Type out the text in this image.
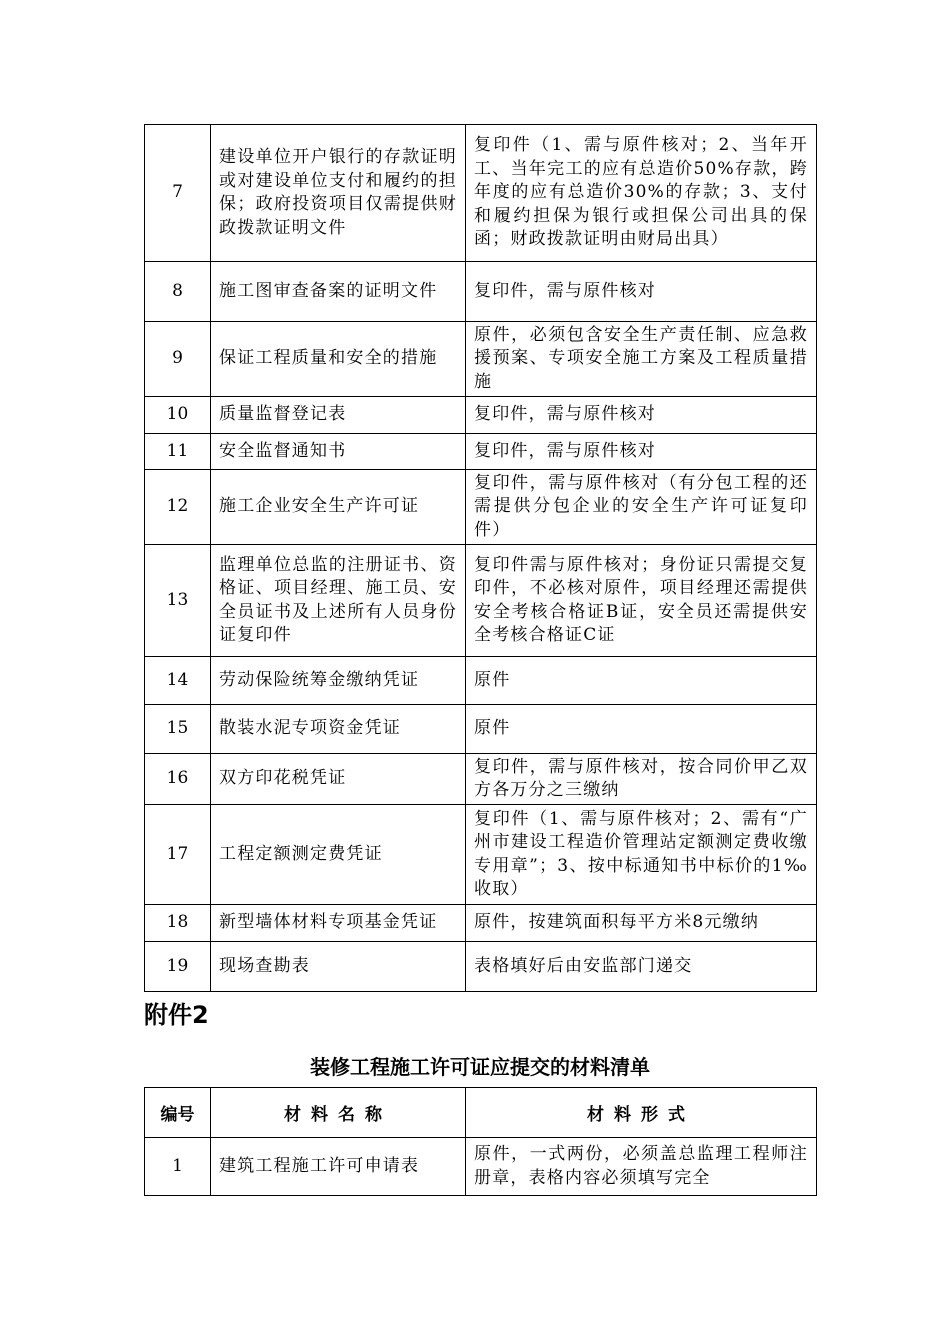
7	建设单位开户银行的存款证明或对建设单位支付和履约的担保；政府投资项目仅需提供财政拨款证明文件	复印件（1、需与原件核对；2、当年开工、当年完工的应有总造价50%存款，跨年度的应有总造价30%的存款；3、支付和履约担保为银行或担保公司出具的保函；财政拨款证明由财局出具）
8	施工图审查备案的证明文件	复印件，需与原件核对
9	保证工程质量和安全的措施	原件，必须包含安全生产责任制、应急救援预案、专项安全施工方案及工程质量措施
10	质量监督登记表	复印件，需与原件核对
11	安全监督通知书	复印件，需与原件核对
12	施工企业安全生产许可证	复印件，需与原件核对（有分包工程的还需提供分包企业的安全生产许可证复印件）
13	监理单位总监的注册证书、资格证、项目经理、施工员、安全员证书及上述所有人员身份证复印件	复印件需与原件核对；身份证只需提交复印件，不必核对原件，项目经理还需提供安全考核合格证B证，安全员还需提供安全考核合格证C证
14	劳动保险统筹金缴纳凭证	原件
15	散装水泥专项资金凭证	原件
16	双方印花税凭证	复印件，需与原件核对，按合同价甲乙双方各万分之三缴纳
17	工程定额测定费凭证	复印件（1、需与原件核对；2、需有“广州市建设工程造价管理站定额测定费收缴专用章”；3、按中标通知书中标价的1‰收取）
18	新型墙体材料专项基金凭证	原件，按建筑面积每平方米8元缴纳
19	现场查勘表	表格填好后由安监部门递交
附件2
装修工程施工许可证应提交的材料清单
编号	材料名称	材料形式
1	建筑工程施工许可申请表	原件，一式两份，必须盖总监理工程师注册章，表格内容必须填写完全
